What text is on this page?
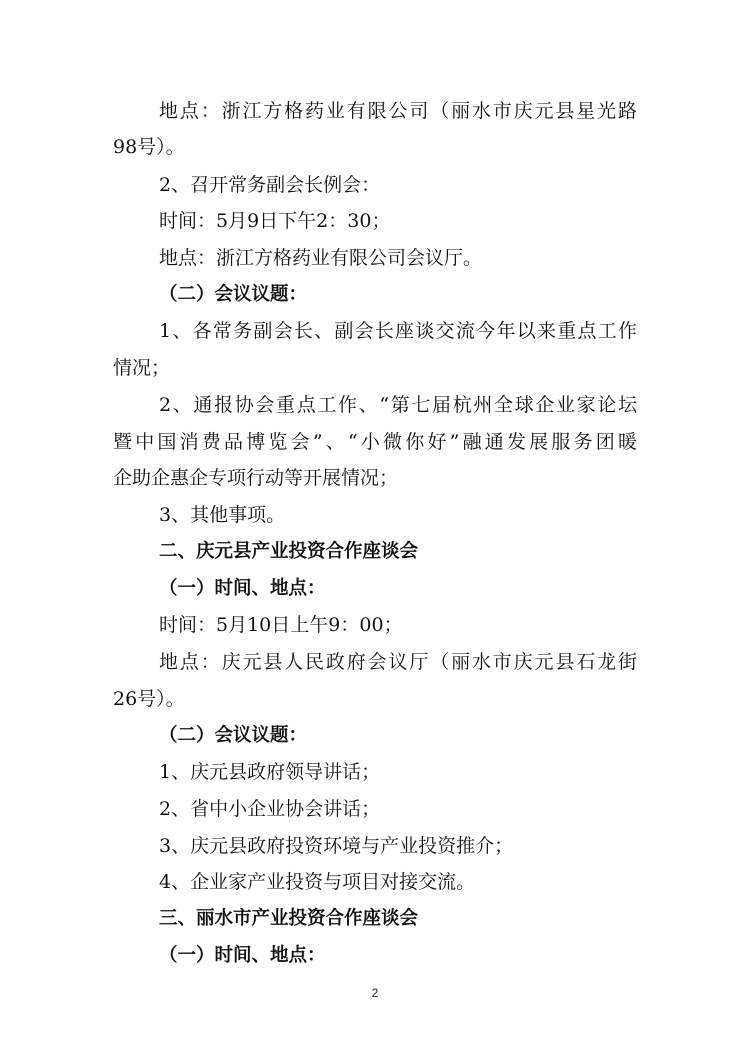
地点：浙江方格药业有限公司（丽水市庆元县星光路
98号）。
2、召开常务副会长例会：
时间：5月9日下午2：30；
地点：浙江方格药业有限公司会议厅。
（二）会议议题：
1、各常务副会长、副会长座谈交流今年以来重点工作
情况；
2、通报协会重点工作、“第七届杭州全球企业家论坛
暨中国消费品博览会”、“小微你好”融通发展服务团暖
企助企惠企专项行动等开展情况；
3、其他事项。
二、庆元县产业投资合作座谈会
（一）时间、地点：
时间：5月10日上午9：00；
地点：庆元县人民政府会议厅（丽水市庆元县石龙街
26号）。
（二）会议议题：
1、庆元县政府领导讲话；
2、省中小企业协会讲话；
3、庆元县政府投资环境与产业投资推介；
4、企业家产业投资与项目对接交流。
三、丽水市产业投资合作座谈会
（一）时间、地点：
2
